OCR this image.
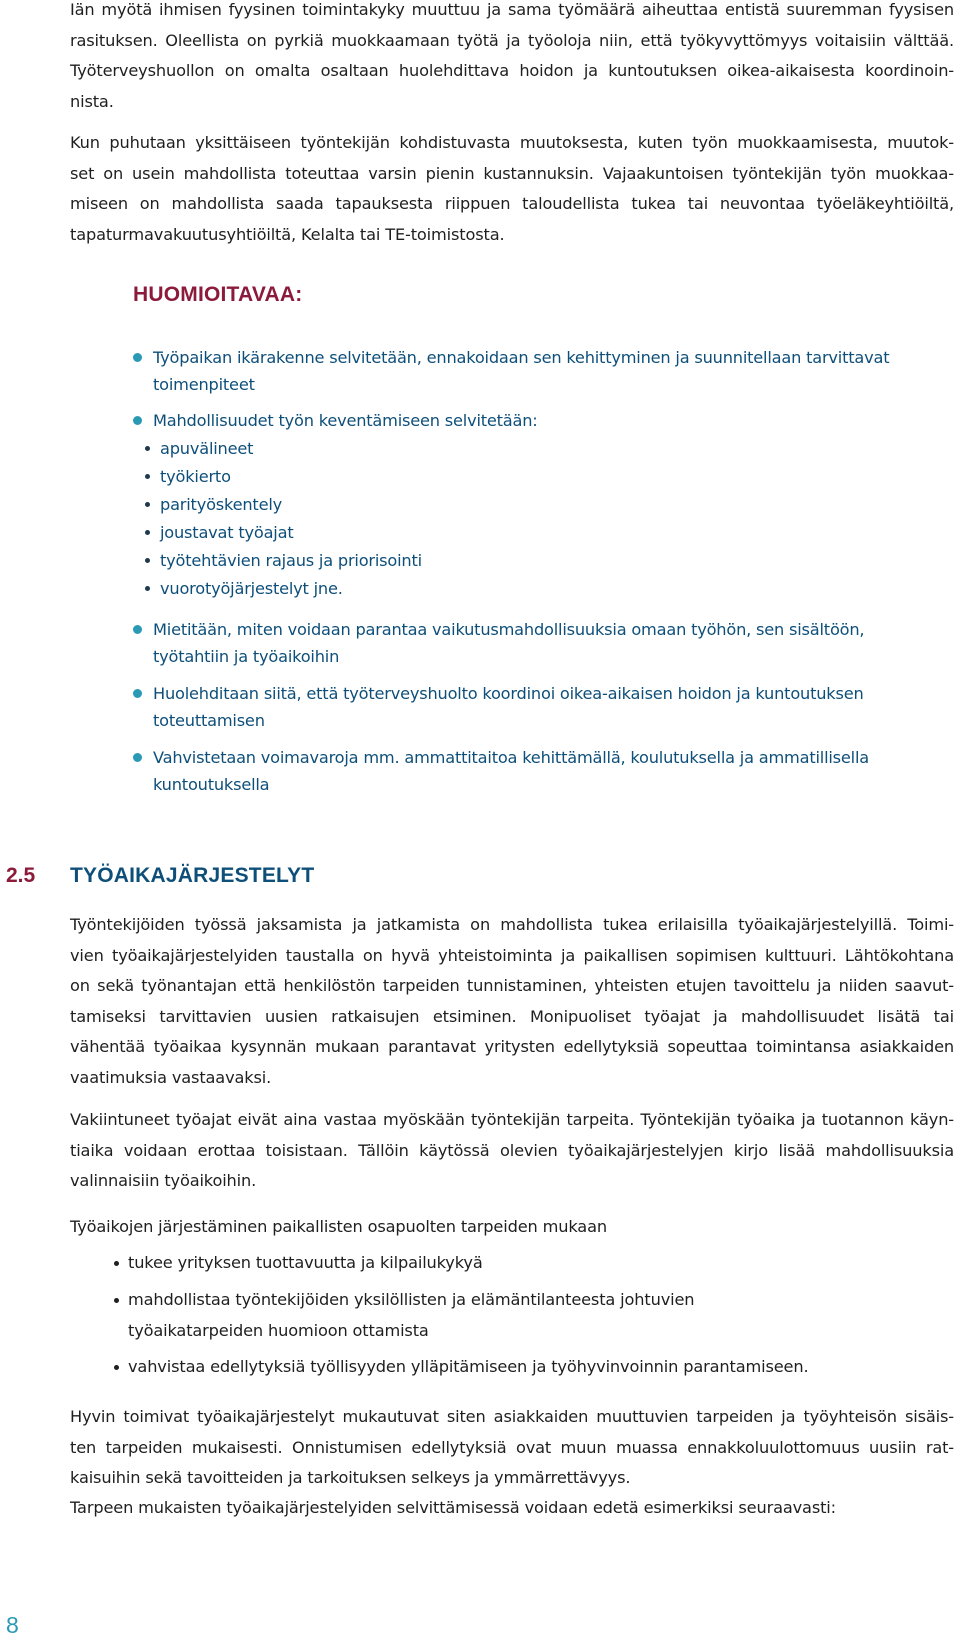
Iän myötä ihmisen fyysinen toimintakyky muuttuu ja sama työmäärä aiheuttaa entistä suuremman fyysisen
rasituksen. Oleellista on pyrkiä muokkaamaan työtä ja työoloja niin, että työkyvyttömyys voitaisiin välttää.
Työterveyshuollon on omalta osaltaan huolehdittava hoidon ja kuntoutuksen oikea-aikaisesta koordinoin-
nista.

Kun puhutaan yksittäiseen työntekijän kohdistuvasta muutoksesta, kuten työn muokkaamisesta, muutok-
set on usein mahdollista toteuttaa varsin pienin kustannuksin. Vajaakuntoisen työntekijän työn muokkaa-
miseen on mahdollista saada tapauksesta riippuen taloudellista tukea tai neuvontaa työeläkeyhtiöiltä,
tapaturmavakuutusyhtiöiltä, Kelalta tai TE-toimistosta.

HUOMIOITAVAA:
Työpaikan ikärakenne selvitetään, ennakoidaan sen kehittyminen ja suunnitellaan tarvittavat
toimenpiteet
Mahdollisuudet työn keventämiseen selvitetään:
apuvälineet
työkierto
parityöskentely
joustavat työajat
työtehtävien rajaus ja priorisointi
vuorotyöjärjestelyt jne.
Mietitään, miten voidaan parantaa vaikutusmahdollisuuksia omaan työhön, sen sisältöön,
työtahtiin ja työaikoihin
Huolehditaan siitä, että työterveyshuolto koordinoi oikea-aikaisen hoidon ja kuntoutuksen
toteuttamisen
Vahvistetaan voimavaroja mm. ammattitaitoa kehittämällä, koulutuksella ja ammatillisella
kuntoutuksella
2.5 TYÖAIKAJÄRJESTELYT

Työntekijöiden työssä jaksamista ja jatkamista on mahdollista tukea erilaisilla työaikajärjestelyillä. Toimi-
vien työaikajärjestelyiden taustalla on hyvä yhteistoiminta ja paikallisen sopimisen kulttuuri. Lähtökohtana
on sekä työnantajan että henkilöstön tarpeiden tunnistaminen, yhteisten etujen tavoittelu ja niiden saavut-
tamiseksi tarvittavien uusien ratkaisujen etsiminen. Monipuoliset työajat ja mahdollisuudet lisätä tai
vähentää työaikaa kysynnän mukaan parantavat yritysten edellytyksiä sopeuttaa toimintansa asiakkaiden
vaatimuksia vastaavaksi.

Vakiintuneet työajat eivät aina vastaa myöskään työntekijän tarpeita. Työntekijän työaika ja tuotannon käyn-
tiaika voidaan erottaa toisistaan. Tällöin käytössä olevien työaikajärjestelyjen kirjo lisää mahdollisuuksia
valinnaisiin työaikoihin.

Työaikojen järjestäminen paikallisten osapuolten tarpeiden mukaan

tukee yrityksen tuottavuutta ja kilpailukykyä
mahdollistaa työntekijöiden yksilöllisten ja elämäntilanteesta johtuvien
työaikatarpeiden huomioon ottamista
vahvistaa edellytyksiä työllisyyden ylläpitämiseen ja työhyvinvoinnin parantamiseen.

Hyvin toimivat työaikajärjestelyt mukautuvat siten asiakkaiden muuttuvien tarpeiden ja työyhteisön sisäis-
ten tarpeiden mukaisesti. Onnistumisen edellytyksiä ovat muun muassa ennakkoluulottomuus uusiin rat-
kaisuihin sekä tavoitteiden ja tarkoituksen selkeys ja ymmärrettävyys.

Tarpeen mukaisten työaikajärjestelyiden selvittämisessä voidaan edetä esimerkiksi seuraavasti:

8
